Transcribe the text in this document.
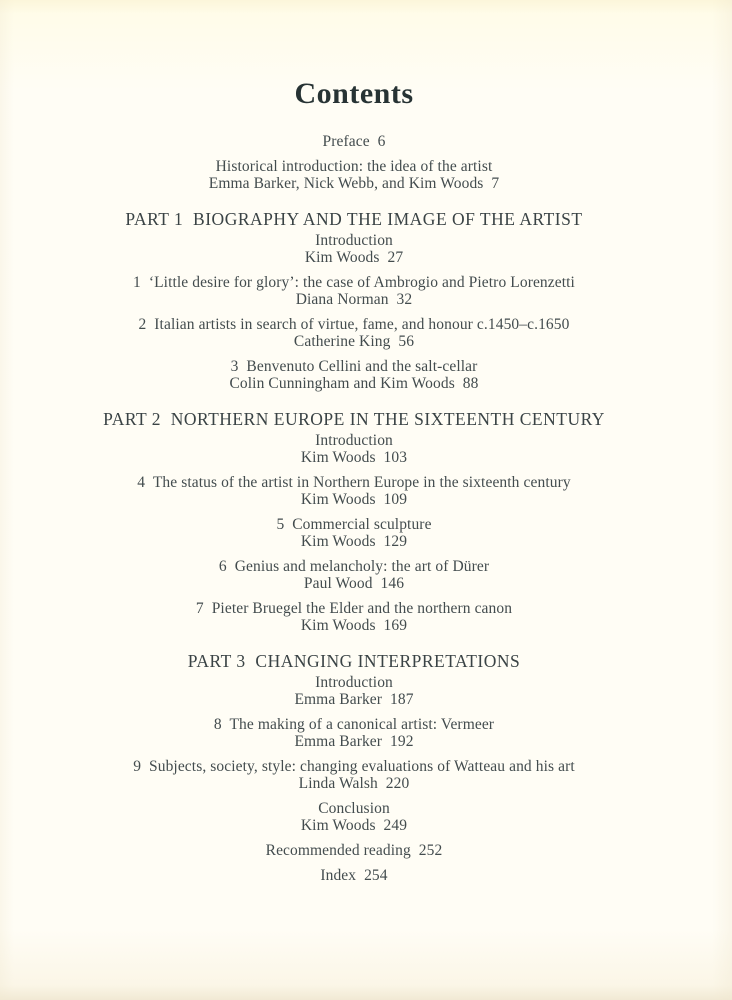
Contents

Preface  6

Historical introduction: the idea of the artist

Emma Barker, Nick Webb, and Kim Woods  7

PART 1  BIOGRAPHY AND THE IMAGE OF THE ARTIST

Introduction

Kim Woods  27

1  ‘Little desire for glory’: the case of Ambrogio and Pietro Lorenzetti

Diana Norman  32

2  Italian artists in search of virtue, fame, and honour c.1450–c.1650

Catherine King  56

3  Benvenuto Cellini and the salt-cellar

Colin Cunningham and Kim Woods  88

PART 2  NORTHERN EUROPE IN THE SIXTEENTH CENTURY

Introduction

Kim Woods  103

4  The status of the artist in Northern Europe in the sixteenth century

Kim Woods  109

5  Commercial sculpture

Kim Woods  129

6  Genius and melancholy: the art of Dürer

Paul Wood  146

7  Pieter Bruegel the Elder and the northern canon

Kim Woods  169

PART 3  CHANGING INTERPRETATIONS

Introduction

Emma Barker  187

8  The making of a canonical artist: Vermeer

Emma Barker  192

9  Subjects, society, style: changing evaluations of Watteau and his art

Linda Walsh  220

Conclusion

Kim Woods  249

Recommended reading  252

Index  254
